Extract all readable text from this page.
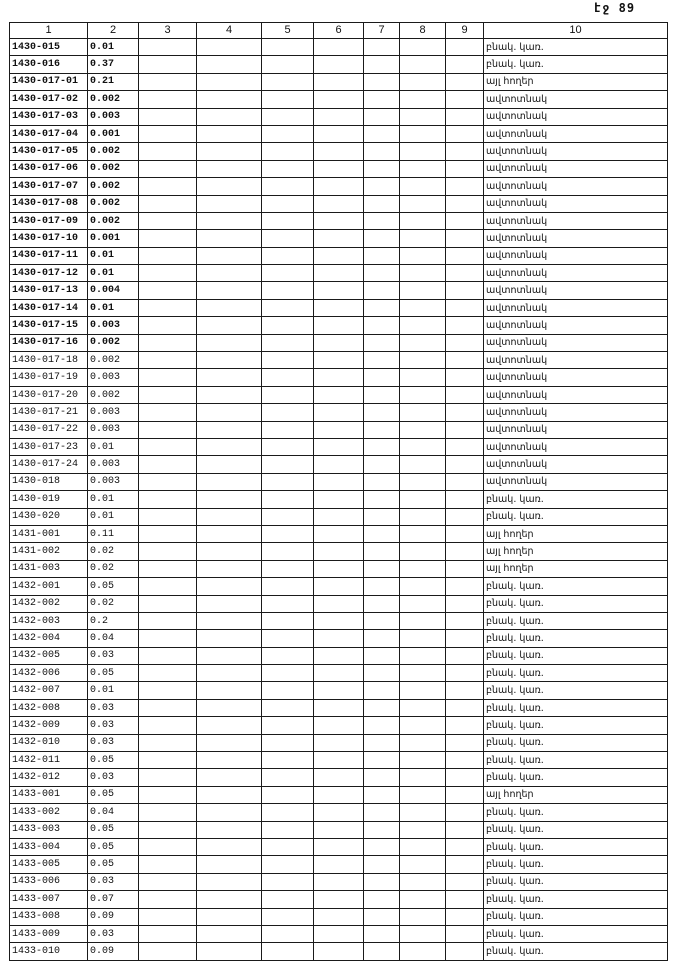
էջ 89
1	2	3	4	5	6	7	8	9	10
1430-015	0.01								բնակ. կառ.
1430-016	0.37								բնակ. կառ.
1430-017-01	0.21								այլ հողեր
1430-017-02	0.002								ավտոտնակ
1430-017-03	0.003								ավտոտնակ
1430-017-04	0.001								ավտոտնակ
1430-017-05	0.002								ավտոտնակ
1430-017-06	0.002								ավտոտնակ
1430-017-07	0.002								ավտոտնակ
1430-017-08	0.002								ավտոտնակ
1430-017-09	0.002								ավտոտնակ
1430-017-10	0.001								ավտոտնակ
1430-017-11	0.01								ավտոտնակ
1430-017-12	0.01								ավտոտնակ
1430-017-13	0.004								ավտոտնակ
1430-017-14	0.01								ավտոտնակ
1430-017-15	0.003								ավտոտնակ
1430-017-16	0.002								ավտոտնակ
1430-017-18	0.002								ավտոտնակ
1430-017-19	0.003								ավտոտնակ
1430-017-20	0.002								ավտոտնակ
1430-017-21	0.003								ավտոտնակ
1430-017-22	0.003								ավտոտնակ
1430-017-23	0.01								ավտոտնակ
1430-017-24	0.003								ավտոտնակ
1430-018	0.003								ավտոտնակ
1430-019	0.01								բնակ. կառ.
1430-020	0.01								բնակ. կառ.
1431-001	0.11								այլ հողեր
1431-002	0.02								այլ հողեր
1431-003	0.02								այլ հողեր
1432-001	0.05								բնակ. կառ.
1432-002	0.02								բնակ. կառ.
1432-003	0.2								բնակ. կառ.
1432-004	0.04								բնակ. կառ.
1432-005	0.03								բնակ. կառ.
1432-006	0.05								բնակ. կառ.
1432-007	0.01								բնակ. կառ.
1432-008	0.03								բնակ. կառ.
1432-009	0.03								բնակ. կառ.
1432-010	0.03								բնակ. կառ.
1432-011	0.05								բնակ. կառ.
1432-012	0.03								բնակ. կառ.
1433-001	0.05								այլ հողեր
1433-002	0.04								բնակ. կառ.
1433-003	0.05								բնակ. կառ.
1433-004	0.05								բնակ. կառ.
1433-005	0.05								բնակ. կառ.
1433-006	0.03								բնակ. կառ.
1433-007	0.07								բնակ. կառ.
1433-008	0.09								բնակ. կառ.
1433-009	0.03								բնակ. կառ.
1433-010	0.09								բնակ. կառ.
